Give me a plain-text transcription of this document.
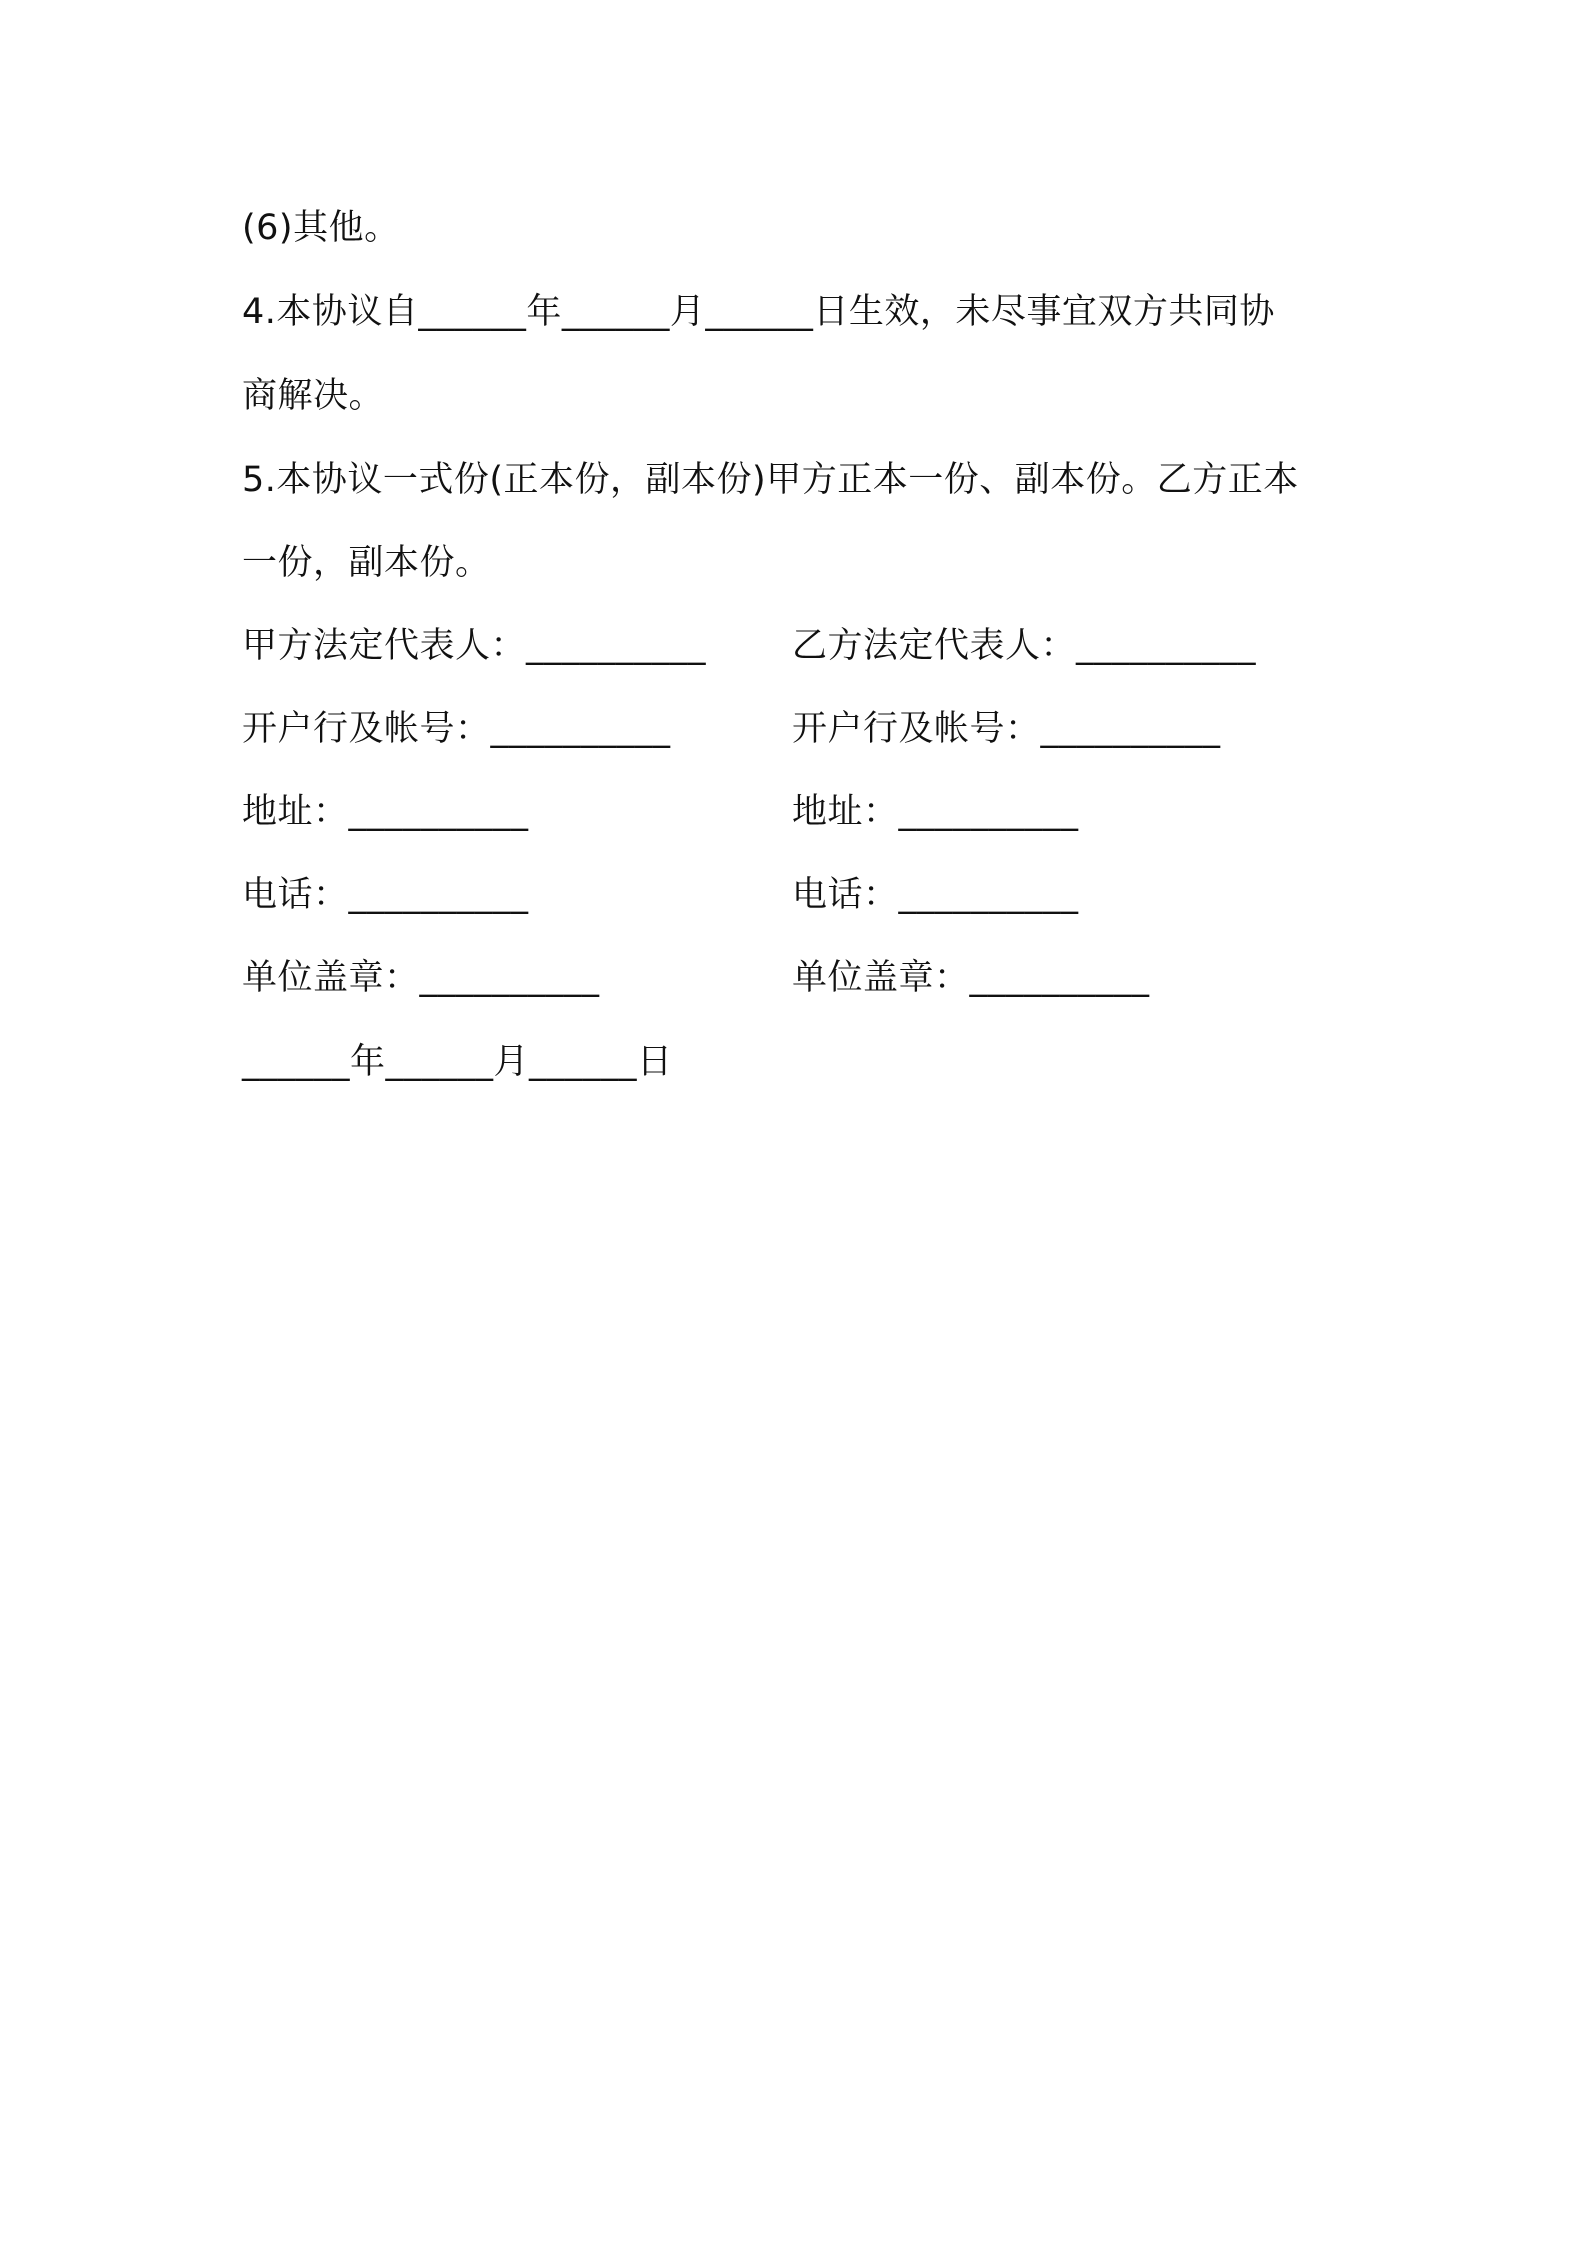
(6)其他。
4.本协议自______年______月______日生效，未尽事宜双方共同协
商解决。
5.本协议一式份(正本份，副本份)甲方正本一份、副本份。乙方正本
一份，副本份。
甲方法定代表人：__________ 乙方法定代表人：__________
开户行及帐号：__________	开户行及帐号：__________
地址：__________	地址：__________
电话：__________	电话：__________
单位盖章：__________	单位盖章：__________
______年______月______日
